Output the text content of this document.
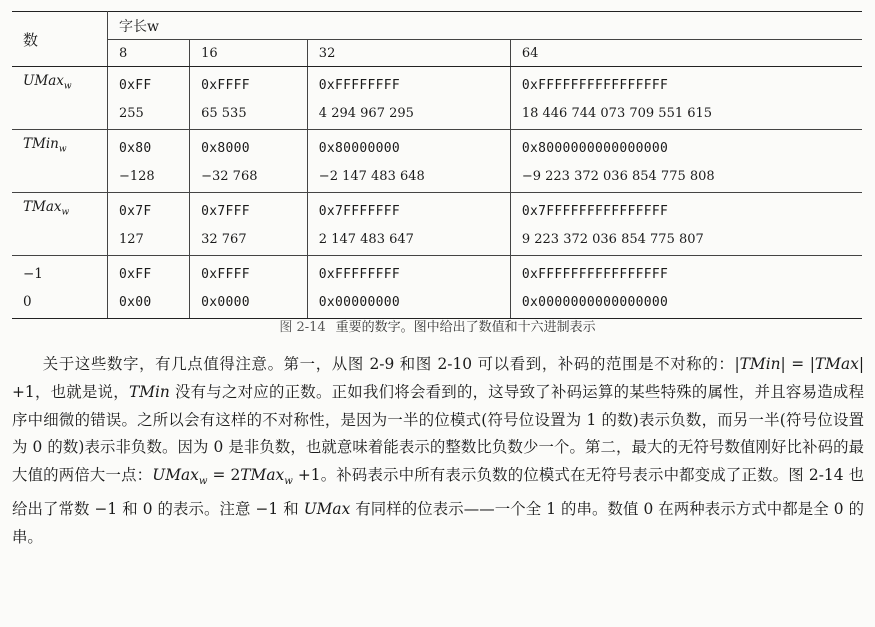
数	字长w			
	8	16	32	64
UMax$_w$	0xFF	0xFFFF	0xFFFFFFFF	0xFFFFFFFFFFFFFFFF
	255	65 535	4 294 967 295	18 446 744 073 709 551 615
TMin$_w$	0x80	0x8000	0x80000000	0x8000000000000000
	−128	−32 768	−2 147 483 648	−9 223 372 036 854 775 808
TMax$_w$	0x7F	0x7FFF	0x7FFFFFFF	0x7FFFFFFFFFFFFFFF
	127	32 767	2 147 483 647	9 223 372 036 854 775 807
−1	0xFF	0xFFFF	0xFFFFFFFF	0xFFFFFFFFFFFFFFFF
0	0x00	0x0000	0x00000000	0x0000000000000000
图 2-14 重要的数字。图中给出了数值和十六进制表示

关于这些数字，有几点值得注意。第一，从图 2-9 和图 2-10 可以看到，补码的范围是不对称的：|TMin| = |TMax| +1，也就是说，TMin 没有与之对应的正数。正如我们将会看到的，这导致了补码运算的某些特殊的属性，并且容易造成程序中细微的错误。之所以会有这样的不对称性，是因为一半的位模式(符号位设置为 1 的数)表示负数，而另一半(符号位设置为 0 的数)表示非负数。因为 0 是非负数，也就意味着能表示的整数比负数少一个。第二，最大的无符号数值刚好比补码的最大值的两倍大一点：UMax$_w$ = 2TMax$_w$ +1。补码表示中所有表示负数的位模式在无符号表示中都变成了正数。图 2-14 也给出了常数 −1 和 0 的表示。注意 −1 和 UMax 有同样的位表示——一个全 1 的串。数值 0 在两种表示方式中都是全 0 的串。
